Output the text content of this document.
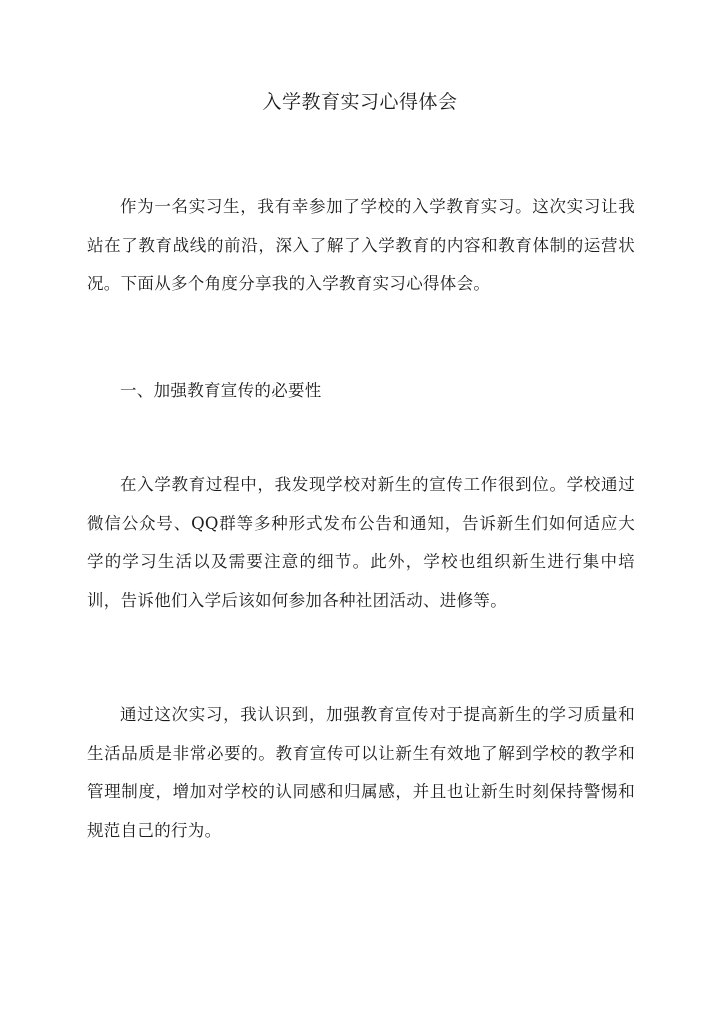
入学教育实习心得体会

作为一名实习生，我有幸参加了学校的入学教育实习。这次实习让我站在了教育战线的前沿，深入了解了入学教育的内容和教育体制的运营状况。下面从多个角度分享我的入学教育实习心得体会。

一、加强教育宣传的必要性

在入学教育过程中，我发现学校对新生的宣传工作很到位。学校通过微信公众号、QQ群等多种形式发布公告和通知，告诉新生们如何适应大学的学习生活以及需要注意的细节。此外，学校也组织新生进行集中培训，告诉他们入学后该如何参加各种社团活动、进修等。

通过这次实习，我认识到，加强教育宣传对于提高新生的学习质量和生活品质是非常必要的。教育宣传可以让新生有效地了解到学校的教学和管理制度，增加对学校的认同感和归属感，并且也让新生时刻保持警惕和规范自己的行为。
